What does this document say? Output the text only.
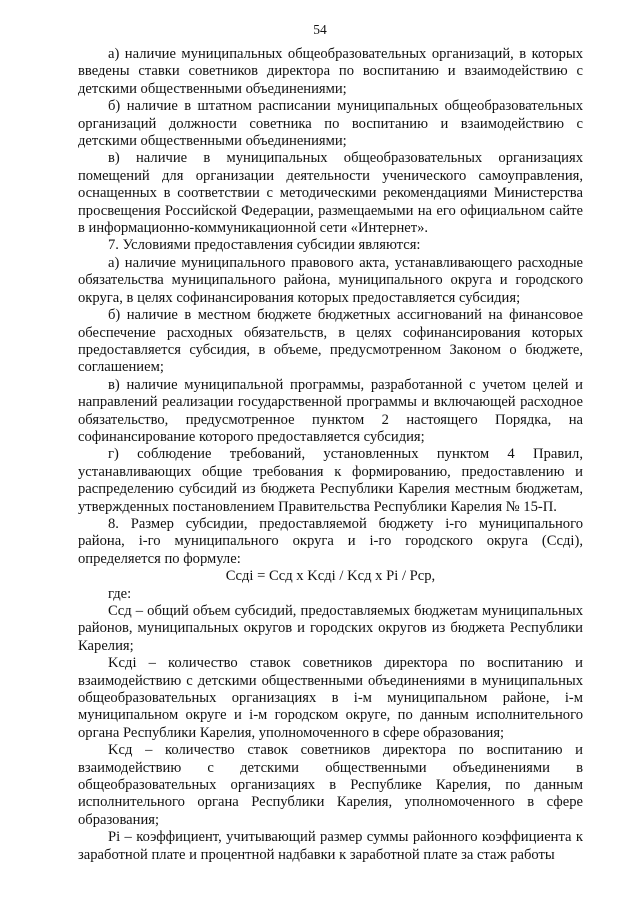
54

а) наличие муниципальных общеобразовательных организаций, в которых введены ставки советников директора по воспитанию и взаимодействию с детскими общественными объединениями;

б) наличие в штатном расписании муниципальных общеобразовательных организаций должности советника по воспитанию и взаимодействию с детскими общественными объединениями;

в) наличие в муниципальных общеобразовательных организациях помещений для организации деятельности ученического самоуправления, оснащенных в соответствии с методическими рекомендациями Министерства просвещения Российской Федерации, размещаемыми на его официальном сайте в информационно-коммуникационной сети «Интернет».

7. Условиями предоставления субсидии являются:

а) наличие муниципального правового акта, устанавливающего расходные обязательства муниципального района, муниципального округа и городского округа, в целях софинансирования которых предоставляется субсидия;

б) наличие в местном бюджете бюджетных ассигнований на финансовое обеспечение расходных обязательств, в целях софинансирования которых предоставляется субсидия, в объеме, предусмотренном Законом о бюджете, соглашением;

в) наличие муниципальной программы, разработанной с учетом целей и направлений реализации государственной программы и включающей расходное обязательство, предусмотренное пунктом 2 настоящего Порядка, на софинансирование которого предоставляется субсидия;

г) соблюдение требований, установленных пунктом 4 Правил, устанавливающих общие требования к формированию, предоставлению и распределению субсидий из бюджета Республики Карелия местным бюджетам, утвержденных постановлением Правительства Республики Карелия № 15-П.

8. Размер субсидии, предоставляемой бюджету i-го муниципального района, i-го муниципального округа и i-го городского округа (Ccдi), определяется по формуле:

Ccдi = Ccд х Kcдi / Kcд х Pi / Pcp,

где:

Ccд – общий объем субсидий, предоставляемых бюджетам муниципальных районов, муниципальных округов и городских округов из бюджета Республики Карелия;

Kcдi – количество ставок советников директора по воспитанию и взаимодействию с детскими общественными объединениями в муниципальных общеобразовательных организациях в i-м муниципальном районе, i-м муниципальном округе и i-м городском округе, по данным исполнительного органа Республики Карелия, уполномоченного в сфере образования;

Kcд – количество ставок советников директора по воспитанию и взаимодействию с детскими общественными объединениями в общеобразовательных организациях в Республике Карелия, по данным исполнительного органа Республики Карелия, уполномоченного в сфере образования;

Pi – коэффициент, учитывающий размер суммы районного коэффициента к заработной плате и процентной надбавки к заработной плате за стаж работы
